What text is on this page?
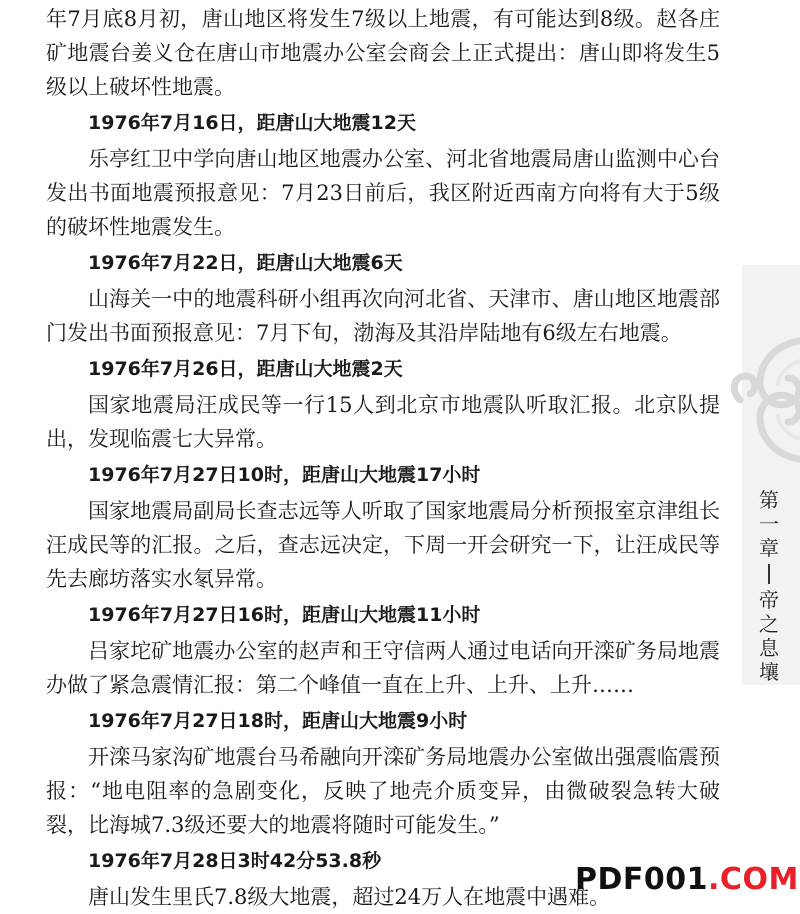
年7月底8月初，唐山地区将发生7级以上地震，有可能达到8级。赵各庄矿地震台姜义仓在唐山市地震办公室会商会上正式提出：唐山即将发生5级以上破坏性地震。

1976年7月16日，距唐山大地震12天

乐亭红卫中学向唐山地区地震办公室、河北省地震局唐山监测中心台发出书面地震预报意见：7月23日前后，我区附近西南方向将有大于5级的破坏性地震发生。

1976年7月22日，距唐山大地震6天

山海关一中的地震科研小组再次向河北省、天津市、唐山地区地震部门发出书面预报意见：7月下旬，渤海及其沿岸陆地有6级左右地震。

1976年7月26日，距唐山大地震2天

国家地震局汪成民等一行15人到北京市地震队听取汇报。北京队提出，发现临震七大异常。

1976年7月27日10时，距唐山大地震17小时

国家地震局副局长查志远等人听取了国家地震局分析预报室京津组长汪成民等的汇报。之后，查志远决定，下周一开会研究一下，让汪成民等先去廊坊落实水氡异常。

1976年7月27日16时，距唐山大地震11小时

吕家坨矿地震办公室的赵声和王守信两人通过电话向开滦矿务局地震办做了紧急震情汇报：第二个峰值一直在上升、上升、上升……

1976年7月27日18时，距唐山大地震9小时

开滦马家沟矿地震台马希融向开滦矿务局地震办公室做出强震临震预报：“地电阻率的急剧变化，反映了地壳介质变异，由微破裂急转大破裂，比海城7.3级还要大的地震将随时可能发生。”

1976年7月28日3时42分53.8秒

唐山发生里氏7.8级大地震，超过24万人在地震中遇难。

第
一
章
帝
之
息
壤
PDF001.COM
